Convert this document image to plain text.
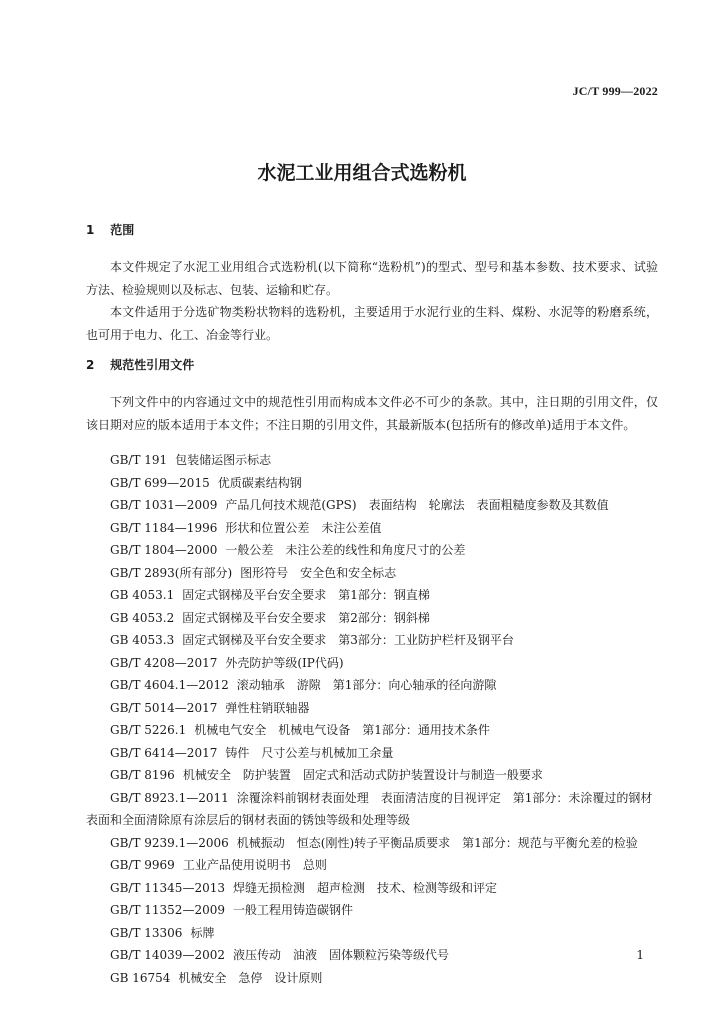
JC/T 999—2022
水泥工业用组合式选粉机
1 范围

本文件规定了水泥工业用组合式选粉机(以下简称“选粉机”)的型式、型号和基本参数、技术要求、试验方法、检验规则以及标志、包装、运输和贮存。

本文件适用于分选矿物类粉状物料的选粉机，主要适用于水泥行业的生料、煤粉、水泥等的粉磨系统，也可用于电力、化工、冶金等行业。

2 规范性引用文件

下列文件中的内容通过文中的规范性引用而构成本文件必不可少的条款。其中，注日期的引用文件，仅该日期对应的版本适用于本文件；不注日期的引用文件，其最新版本(包括所有的修改单)适用于本文件。

GB/T 191 包装储运图示标志
GB/T 699—2015 优质碳素结构钢
GB/T 1031—2009 产品几何技术规范(GPS)　表面结构　轮廓法　表面粗糙度参数及其数值
GB/T 1184—1996 形状和位置公差　未注公差值
GB/T 1804—2000 一般公差　未注公差的线性和角度尺寸的公差
GB/T 2893(所有部分) 图形符号　安全色和安全标志
GB 4053.1 固定式钢梯及平台安全要求　第1部分：钢直梯
GB 4053.2 固定式钢梯及平台安全要求　第2部分：钢斜梯
GB 4053.3 固定式钢梯及平台安全要求　第3部分：工业防护栏杆及钢平台
GB/T 4208—2017 外壳防护等级(IP代码)
GB/T 4604.1—2012 滚动轴承　游隙　第1部分：向心轴承的径向游隙
GB/T 5014—2017 弹性柱销联轴器
GB/T 5226.1 机械电气安全　机械电气设备　第1部分：通用技术条件
GB/T 6414—2017 铸件　尺寸公差与机械加工余量
GB/T 8196 机械安全　防护装置　固定式和活动式防护装置设计与制造一般要求
GB/T 8923.1—2011 涂覆涂料前钢材表面处理　表面清洁度的目视评定　第1部分：未涂覆过的钢材表面和全面清除原有涂层后的钢材表面的锈蚀等级和处理等级
GB/T 9239.1—2006 机械振动　恒态(刚性)转子平衡品质要求　第1部分：规范与平衡允差的检验
GB/T 9969 工业产品使用说明书　总则
GB/T 11345—2013 焊缝无损检测　超声检测　技术、检测等级和评定
GB/T 11352—2009 一般工程用铸造碳钢件
GB/T 13306 标牌
GB/T 14039—2002 液压传动　油液　固体颗粒污染等级代号
GB 16754 机械安全　急停　设计原则
1
